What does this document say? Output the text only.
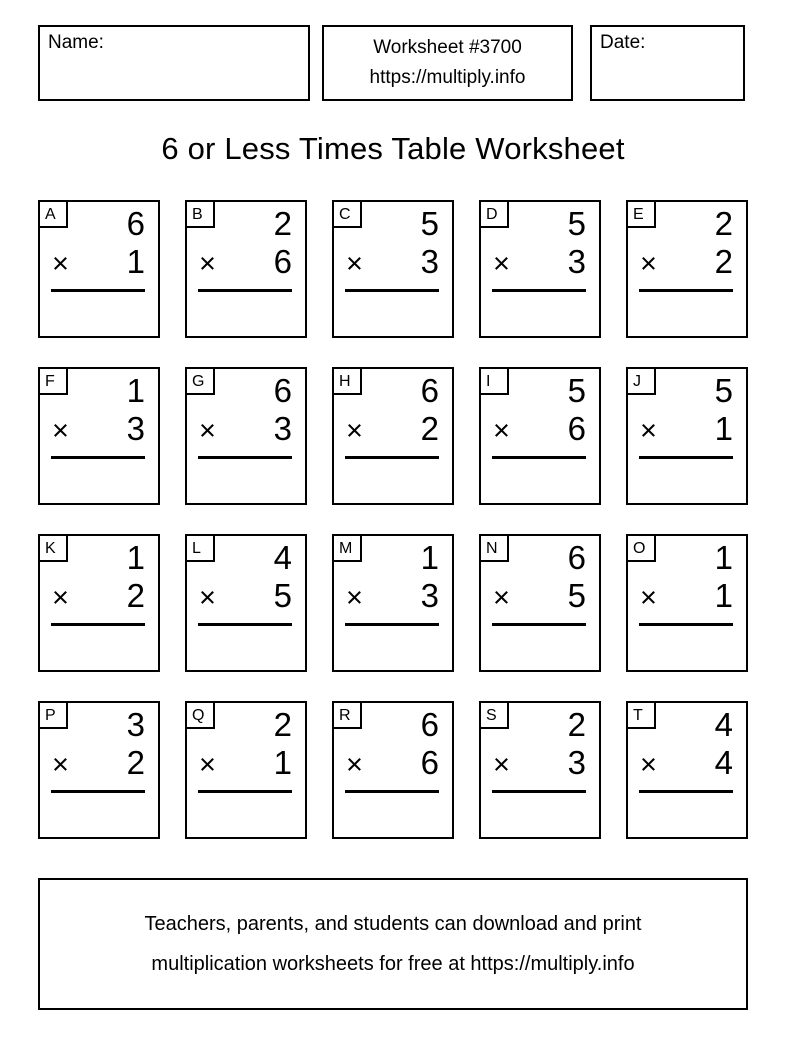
Name:	Worksheet #3700
https://multiply.info
Date:
6 or Less Times Table Worksheet
A	6
× 1
B	2
× 6
C	5
× 3
D	5
× 3
E	2
× 2
F	1
× 3
G	6
× 3
H	6
× 2
I	5
× 6
J	5
× 1
K	1
× 2
L	4
× 5
M	1
× 3
N	6
× 5
O	1
× 1
P	3
× 2
Q	2
× 1
R	6
× 6
S	2
× 3
T	4
× 4
Teachers, parents, and students can download and print
multiplication worksheets for free at https://multiply.info
